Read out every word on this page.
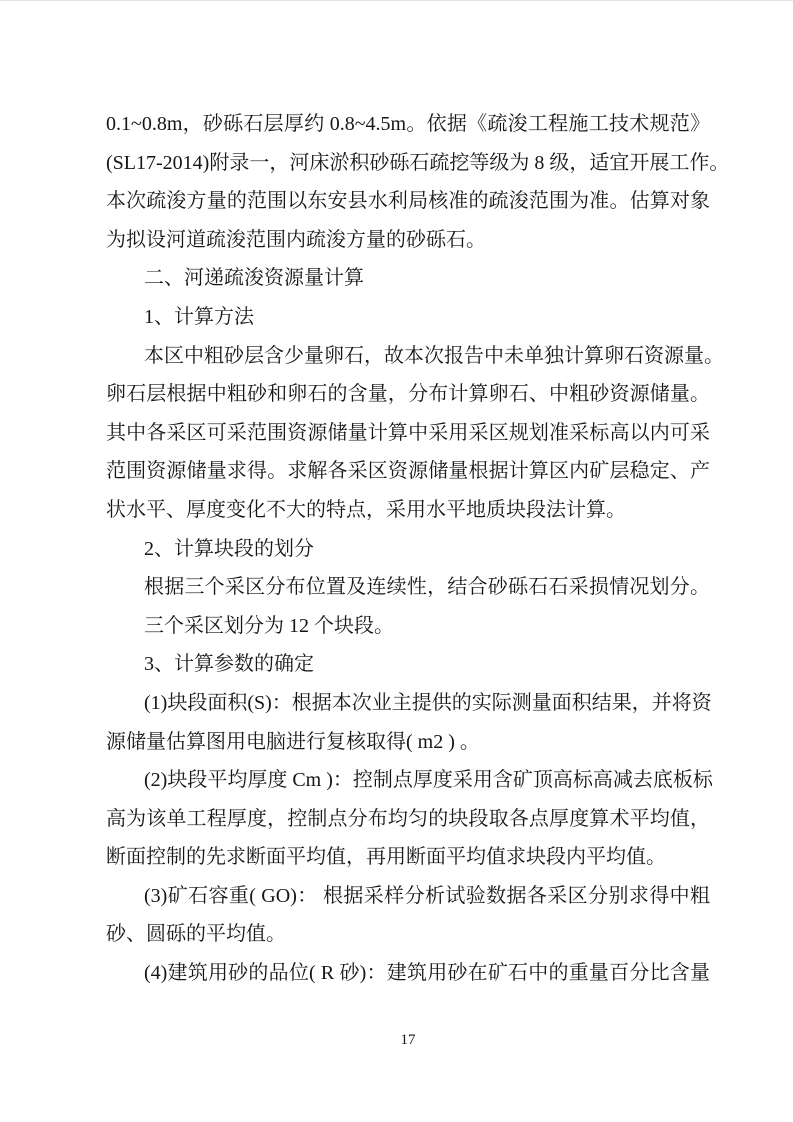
0.1~0.8m，砂砾石层厚约 0.8~4.5m。依据《疏浚工程施工技术规范》
(SL17-2014)附录一，河床淤积砂砾石疏挖等级为 8 级，适宜开展工作。
本次疏浚方量的范围以东安县水利局核准的疏浚范围为准。估算对象
为拟设河道疏浚范围内疏浚方量的砂砾石。
二、河递疏浚资源量计算
1、计算方法
本区中粗砂层含少量卵石，故本次报告中未单独计算卵石资源量。
卵石层根据中粗砂和卵石的含量，分布计算卵石、中粗砂资源储量。
其中各采区可采范围资源储量计算中采用采区规划准采标高以内可采
范围资源储量求得。求解各采区资源储量根据计算区内矿层稳定、产
状水平、厚度变化不大的特点，采用水平地质块段法计算。
2、计算块段的划分
根据三个采区分布位置及连续性，结合砂砾石石采损情况划分。
三个采区划分为 12 个块段。
3、计算参数的确定
(1)块段面积(S)：根据本次业主提供的实际测量面积结果，并将资
源储量估算图用电脑进行复核取得( m2 ) 。
(2)块段平均厚度 Cm )：控制点厚度采用含矿顶高标高减去底板标
高为该单工程厚度，控制点分布均匀的块段取各点厚度算术平均值，
断面控制的先求断面平均值，再用断面平均值求块段内平均值。
(3)矿石容重( GO)： 根据采样分析试验数据各采区分别求得中粗
砂、圆砾的平均值。
(4)建筑用砂的品位( R 砂)：建筑用砂在矿石中的重量百分比含量
17
